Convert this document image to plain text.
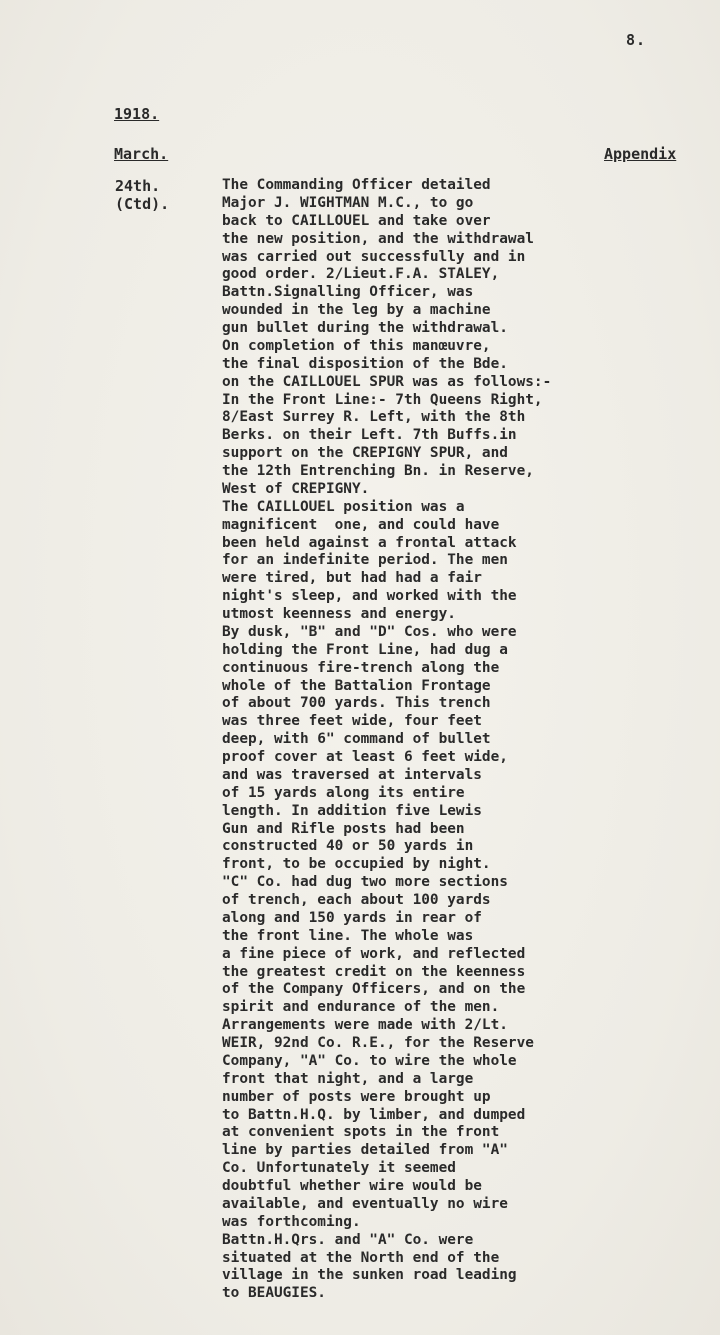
8.
1918.
March.	Appendix
24th.
(Ctd).
The Commanding Officer detailed
Major J. WIGHTMAN M.C., to go
back to CAILLOUEL and take over
the new position, and the withdrawal
was carried out successfully and in
good order. 2/Lieut.F.A. STALEY,
Battn.Signalling Officer, was
wounded in the leg by a machine
gun bullet during the withdrawal.
On completion of this manœuvre,
the final disposition of the Bde.
on the CAILLOUEL SPUR was as follows:-
In the Front Line:- 7th Queens Right,
8/East Surrey R. Left, with the 8th
Berks. on their Left. 7th Buffs.in
support on the CREPIGNY SPUR, and
the 12th Entrenching Bn. in Reserve,
West of CREPIGNY.
The CAILLOUEL position was a
magnificent  one, and could have
been held against a frontal attack
for an indefinite period. The men
were tired, but had had a fair
night's sleep, and worked with the
utmost keenness and energy.
By dusk, "B" and "D" Cos. who were
holding the Front Line, had dug a
continuous fire-trench along the
whole of the Battalion Frontage
of about 700 yards. This trench
was three feet wide, four feet
deep, with 6" command of bullet
proof cover at least 6 feet wide,
and was traversed at intervals
of 15 yards along its entire
length. In addition five Lewis
Gun and Rifle posts had been
constructed 40 or 50 yards in
front, to be occupied by night.
"C" Co. had dug two more sections
of trench, each about 100 yards
along and 150 yards in rear of
the front line. The whole was
a fine piece of work, and reflected
the greatest credit on the keenness
of the Company Officers, and on the
spirit and endurance of the men.
Arrangements were made with 2/Lt.
WEIR, 92nd Co. R.E., for the Reserve
Company, "A" Co. to wire the whole
front that night, and a large
number of posts were brought up
to Battn.H.Q. by limber, and dumped
at convenient spots in the front
line by parties detailed from "A"
Co. Unfortunately it seemed
doubtful whether wire would be
available, and eventually no wire
was forthcoming.
Battn.H.Qrs. and "A" Co. were
situated at the North end of the
village in the sunken road leading
to BEAUGIES.
